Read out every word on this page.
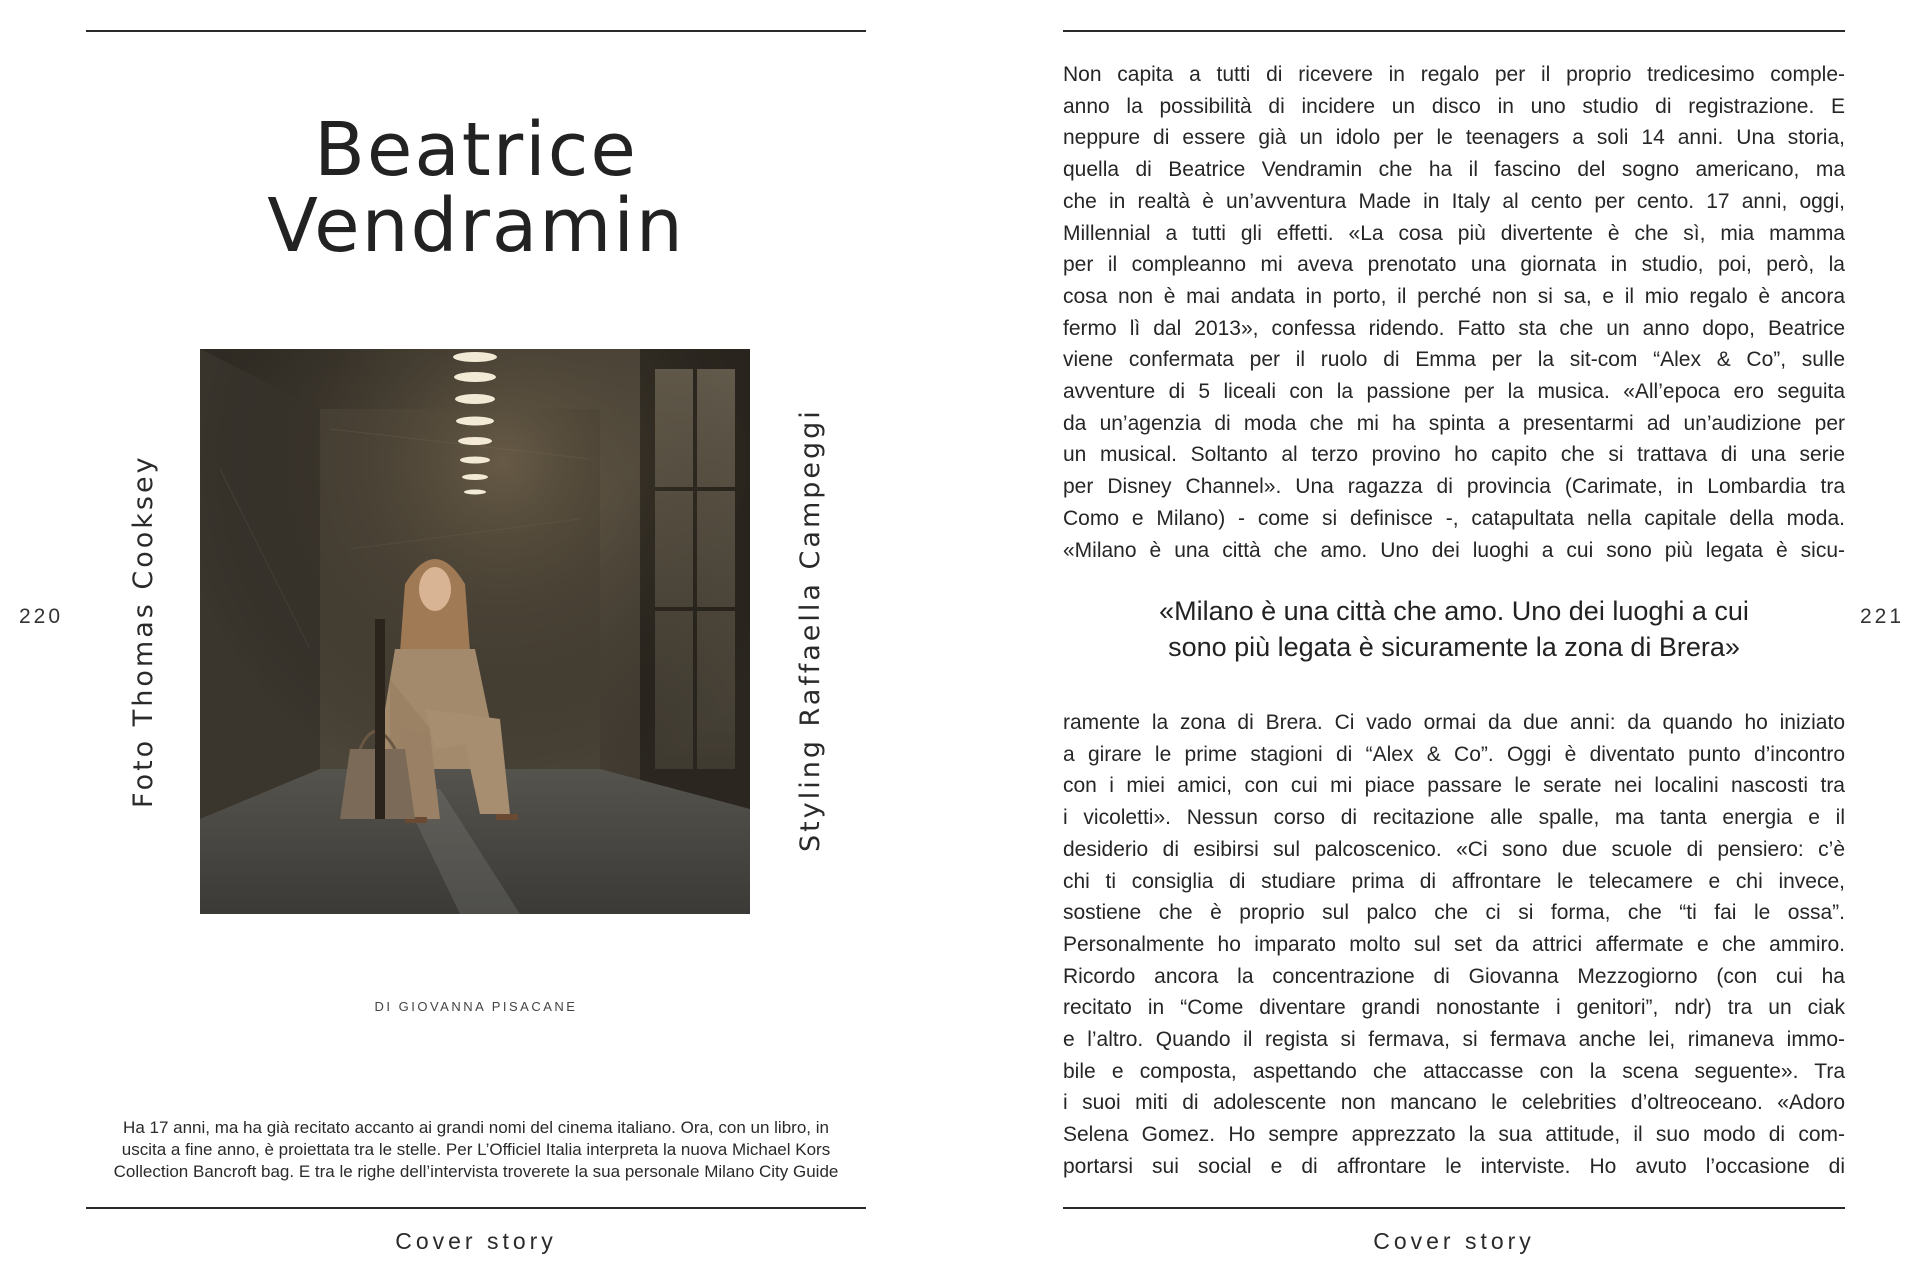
Beatrice
Vendramin
220 Foto Thomas Cooksey	Styling Raffaella Campeggi
DI GIOVANNA PISACANE
Ha 17 anni, ma ha già recitato accanto ai grandi nomi del cinema italiano. Ora, con un libro, in
uscita a fine anno, è proiettata tra le stelle. Per L’Officiel Italia interpreta la nuova Michael Kors
Collection Bancroft bag. E tra le righe dell’intervista troverete la sua personale Milano City Guide
Cover story
Non capita a tutti di ricevere in regalo per il proprio tredicesimo comple-
anno la possibilità di incidere un disco in uno studio di registrazione. E
neppure di essere già un idolo per le teenagers a soli 14 anni. Una storia,
quella di Beatrice Vendramin che ha il fascino del sogno americano, ma
che in realtà è un’avventura Made in Italy al cento per cento. 17 anni, oggi,
Millennial a tutti gli effetti. «La cosa più divertente è che sì, mia mamma
per il compleanno mi aveva prenotato una giornata in studio, poi, però, la
cosa non è mai andata in porto, il perché non si sa, e il mio regalo è ancora
fermo lì dal 2013», confessa ridendo. Fatto sta che un anno dopo, Beatrice
viene confermata per il ruolo di Emma per la sit-com “Alex & Co”, sulle
avventure di 5 liceali con la passione per la musica. «All’epoca ero seguita
da un’agenzia di moda che mi ha spinta a presentarmi ad un’audizione per
un musical. Soltanto al terzo provino ho capito che si trattava di una serie
per Disney Channel». Una ragazza di provincia (Carimate, in Lombardia tra
Como e Milano) - come si definisce -, catapultata nella capitale della moda.
«Milano è una città che amo. Uno dei luoghi a cui sono più legata è sicu-
221
«Milano è una città che amo. Uno dei luoghi a cui
sono più legata è sicuramente la zona di Brera»
ramente la zona di Brera. Ci vado ormai da due anni: da quando ho iniziato
a girare le prime stagioni di “Alex & Co”. Oggi è diventato punto d’incontro
con i miei amici, con cui mi piace passare le serate nei localini nascosti tra
i vicoletti». Nessun corso di recitazione alle spalle, ma tanta energia e il
desiderio di esibirsi sul palcoscenico. «Ci sono due scuole di pensiero: c’è
chi ti consiglia di studiare prima di affrontare le telecamere e chi invece,
sostiene che è proprio sul palco che ci si forma, che “ti fai le ossa”.
Personalmente ho imparato molto sul set da attrici affermate e che ammiro.
Ricordo ancora la concentrazione di Giovanna Mezzogiorno (con cui ha
recitato in “Come diventare grandi nonostante i genitori”, ndr) tra un ciak
e l’altro. Quando il regista si fermava, si fermava anche lei, rimaneva immo-
bile e composta, aspettando che attaccasse con la scena seguente». Tra
i suoi miti di adolescente non mancano le celebrities d’oltreoceano. «Adoro
Selena Gomez. Ho sempre apprezzato la sua attitude, il suo modo di com-
portarsi sui social e di affrontare le interviste. Ho avuto l’occasione di
Cover story
